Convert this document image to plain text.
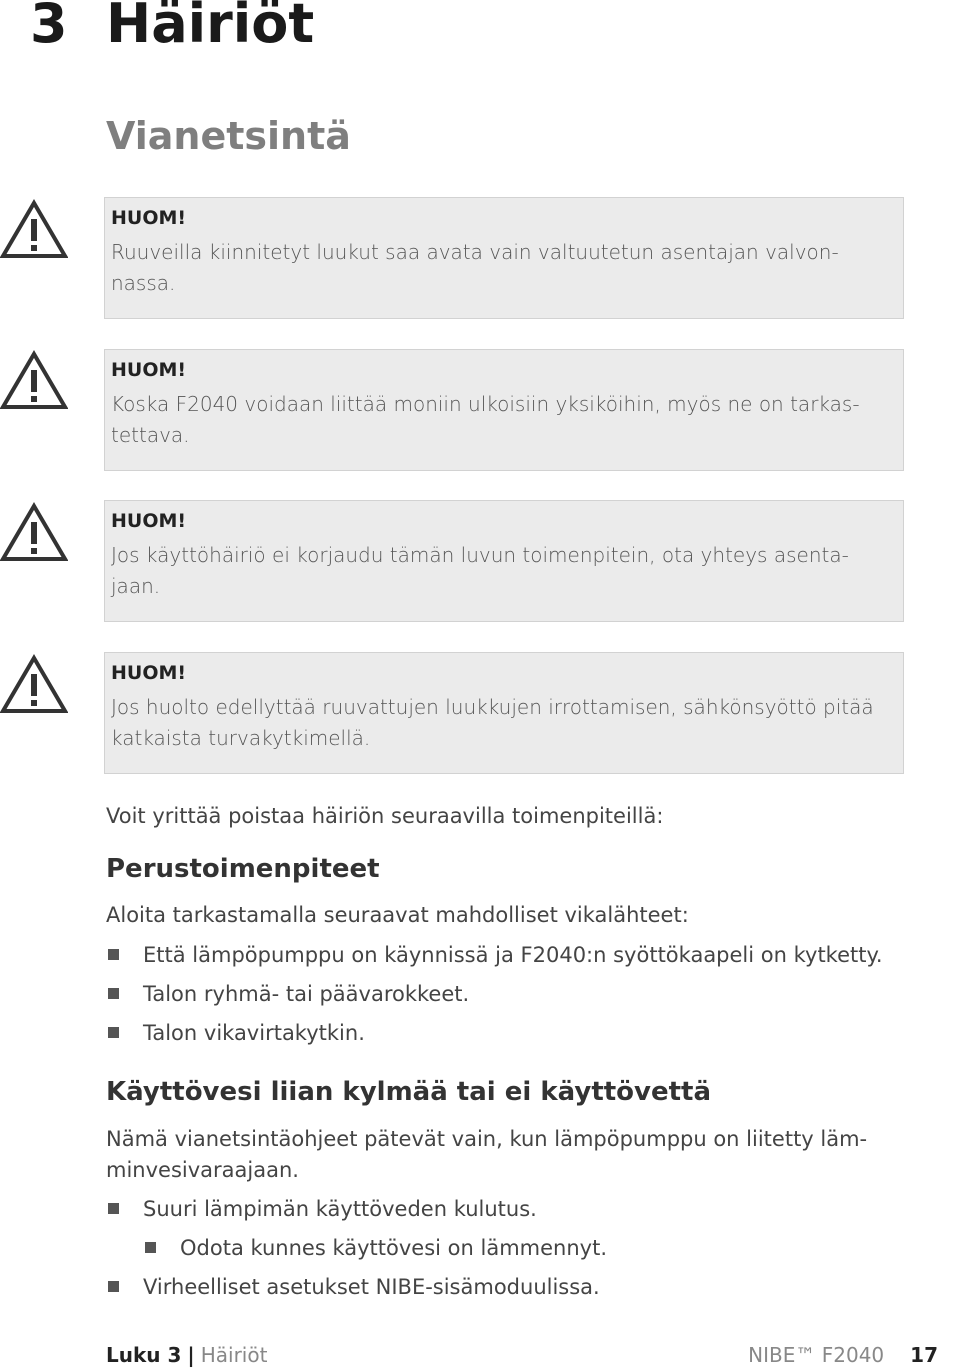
3 Häiriöt
Vianetsintä
HUOM!
Ruuveilla kiinnitetyt luukut saa avata vain valtuutetun asentajan valvon-nassa.
HUOM!
Koska F2040 voidaan liittää moniin ulkoisiin yksiköihin, myös ne on tarkas-tettava.
HUOM!
Jos käyttöhäiriö ei korjaudu tämän luvun toimenpitein, ota yhteys asenta-jaan.
HUOM!
Jos huolto edellyttää ruuvattujen luukkujen irrottamisen, sähkönsyöttö pitää katkaista turvakytkimellä.

Voit yrittää poistaa häiriön seuraavilla toimenpiteillä:

Perustoimenpiteet

Aloita tarkastamalla seuraavat mahdolliset vikalähteet:

Että lämpöpumppu on käynnissä ja F2040:n syöttökaapeli on kytketty.
Talon ryhmä- tai päävarokkeet.
Talon vikavirtakytkin.
Käyttövesi liian kylmää tai ei käyttövettä

Nämä vianetsintäohjeet pätevät vain, kun lämpöpumppu on liitetty läm-minvesivaraajaan.

Suuri lämpimän käyttöveden kulutus.
Odota kunnes käyttövesi on lämmennyt.
Virheelliset asetukset NIBE-sisämoduulissa.
Luku 3 | Häiriöt	NIBE™ F2040 17
